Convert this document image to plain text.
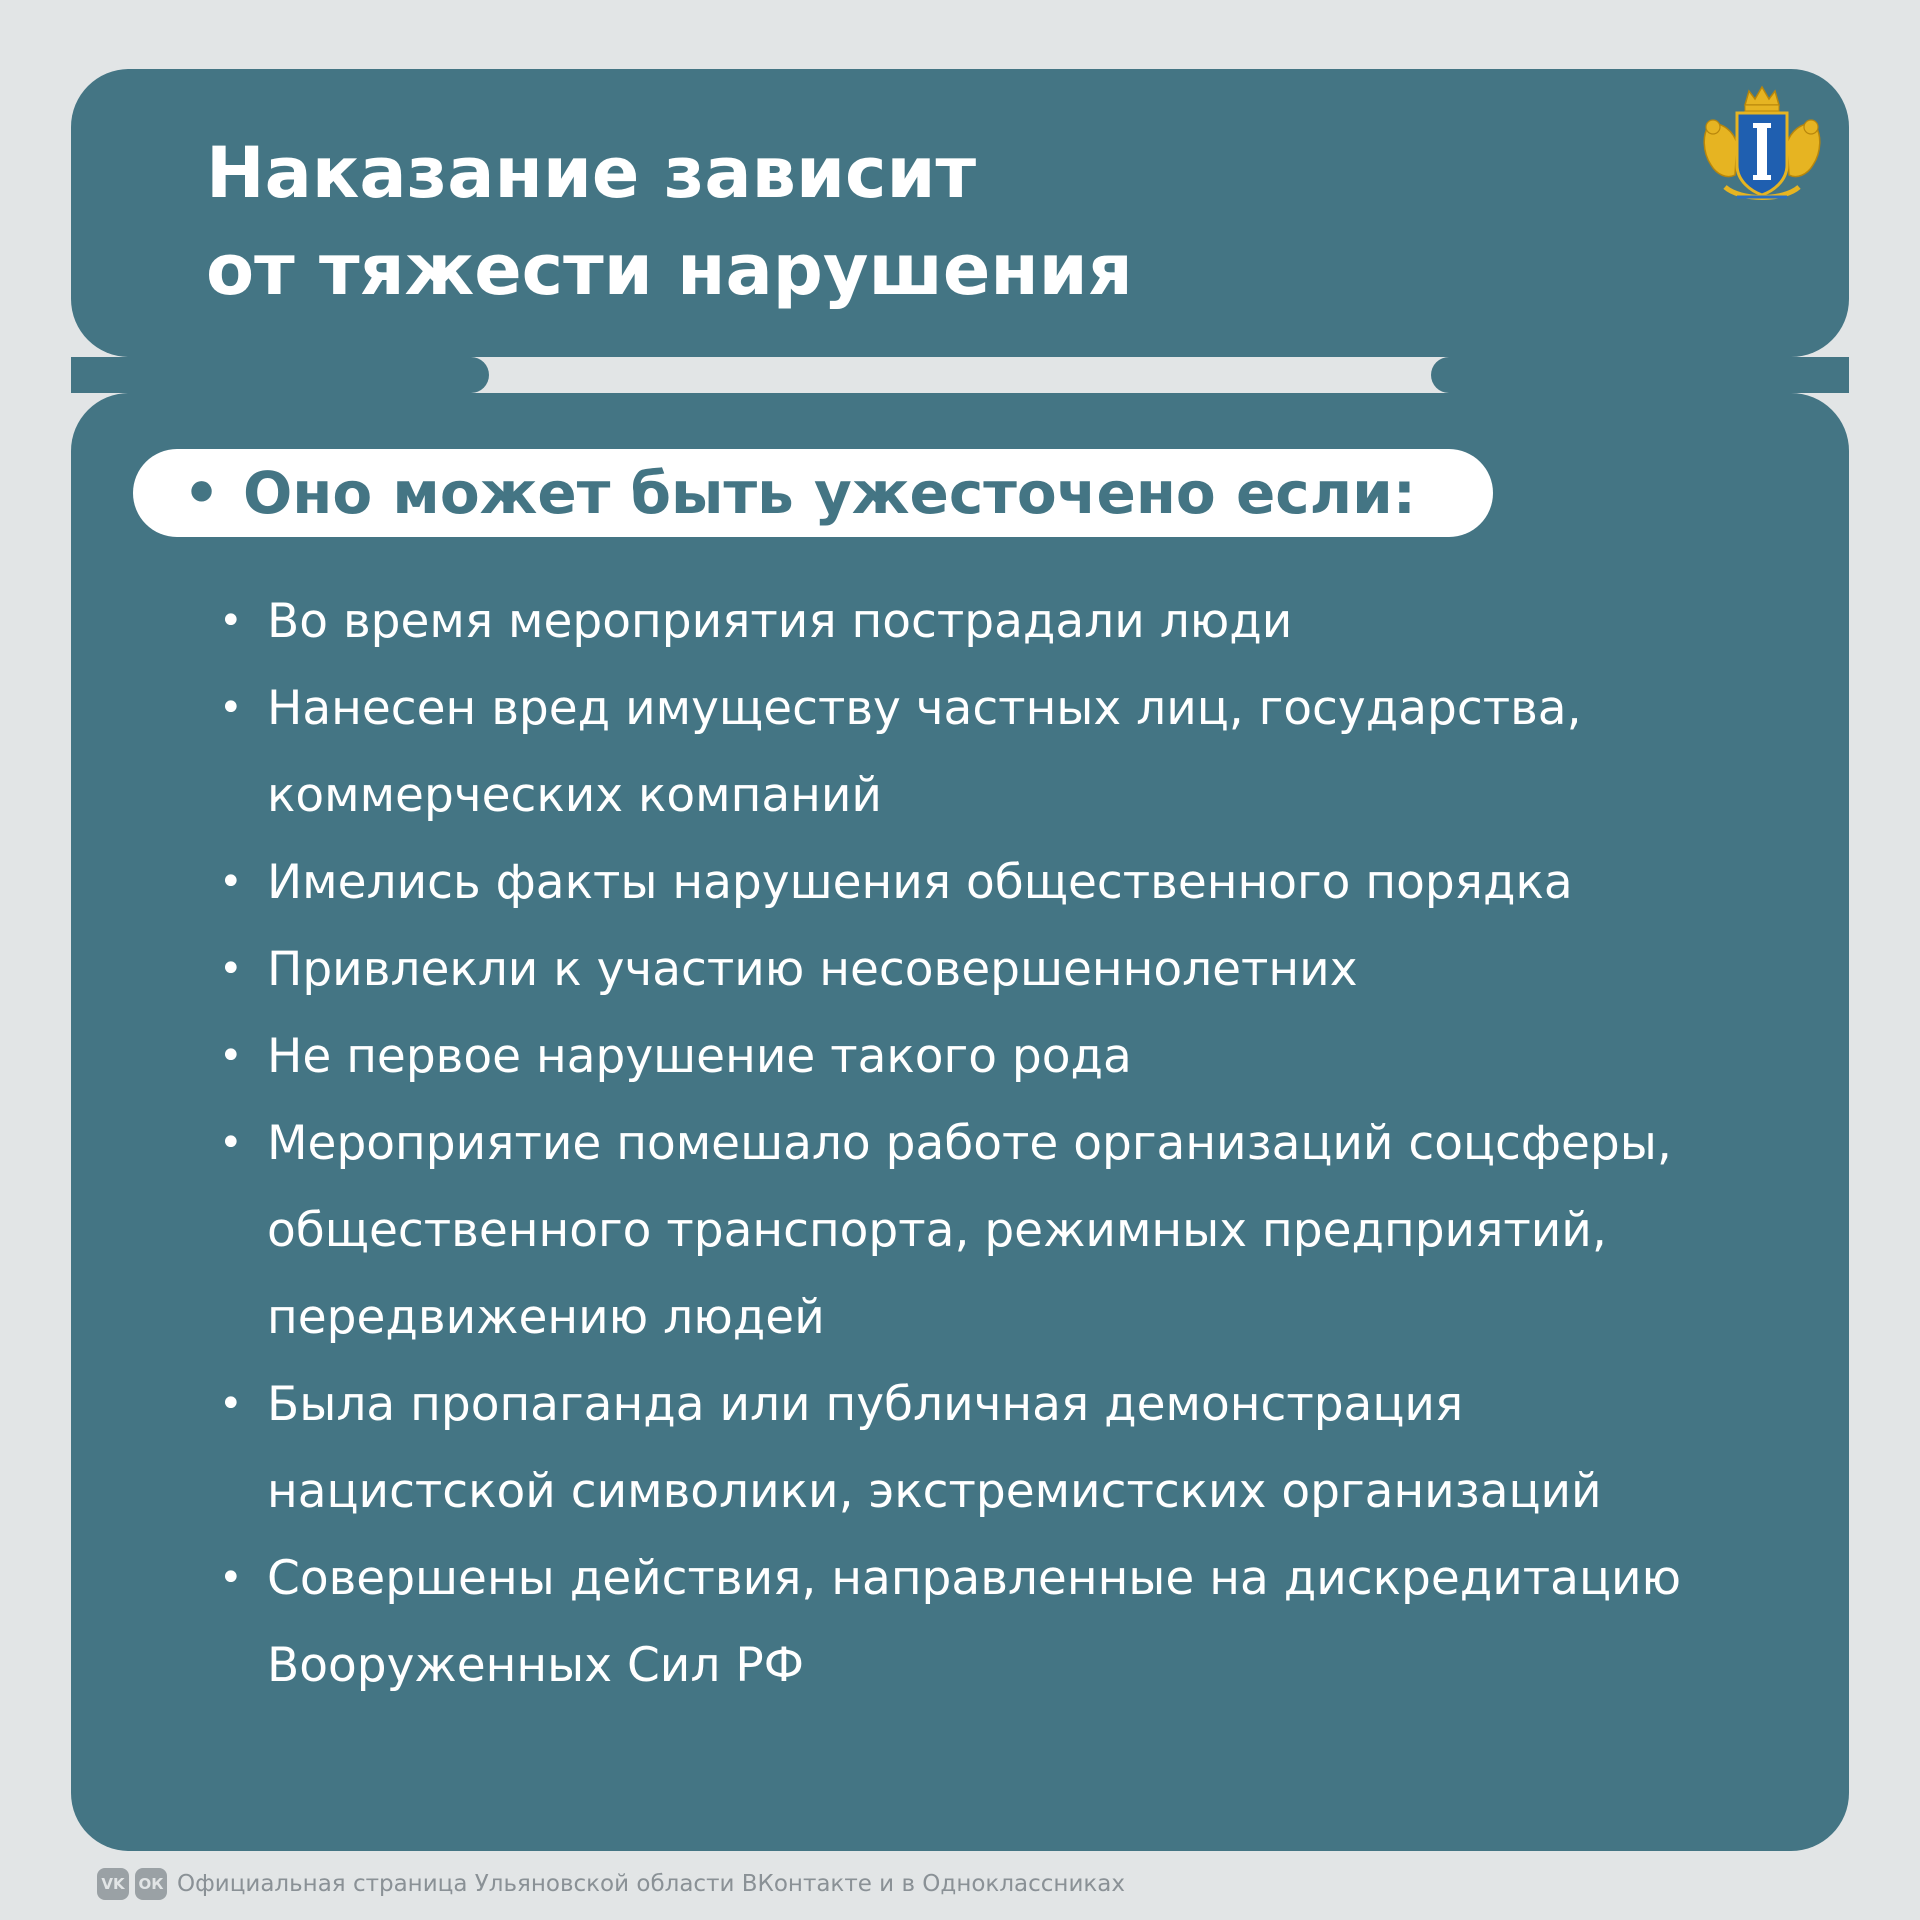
Наказание зависит
от тяжести нарушения
• Оно может быть ужесточено если:
• Во время мероприятия пострадали люди
• Нанесен вред имуществу частных лиц, государства,
коммерческих компаний
• Имелись факты нарушения общественного порядка
• Привлекли к участию несовершеннолетних
• Не первое нарушение такого рода
• Мероприятие помешало работе организаций соцсферы,
общественного транспорта, режимных предприятий,
передвижению людей
• Была пропаганда или публичная демонстрация
нацистской символики, экстремистских организаций
• Совершены действия, направленные на дискредитацию
Вооруженных Сил РФ
VK ОК Официальная страница Ульяновской области ВКонтакте и в Одноклассниках
